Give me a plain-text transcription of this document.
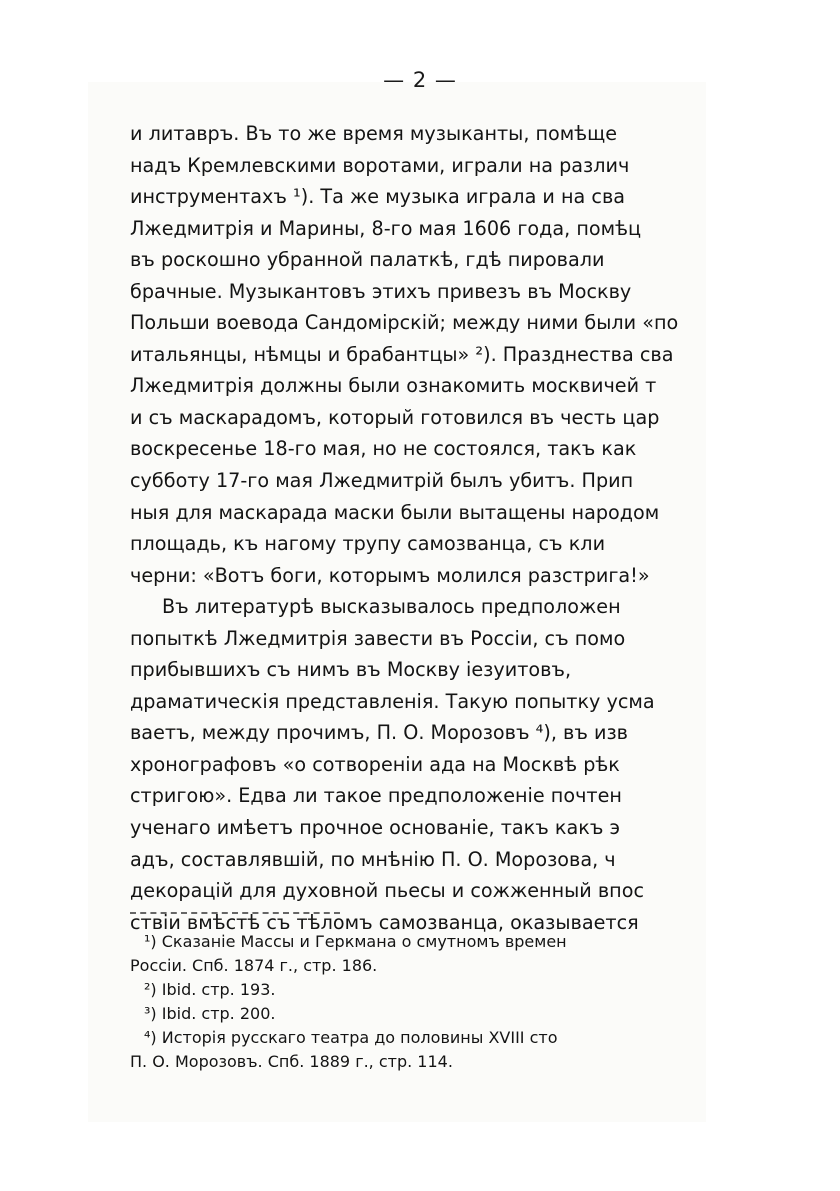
— 2 —
и литавръ. Въ то же время музыканты, помѣще
надъ Кремлевскими воротами, играли на различ
инструментахъ ¹). Та же музыка играла и на сва
Лжедмитрія и Марины, 8-го мая 1606 года, помѣц
въ роскошно убранной палаткѣ, гдѣ пировали
брачные. Музыкантовъ этихъ привезъ въ Москву
Польши воевода Сандомірскій; между ними были «по
итальянцы, нѣмцы и брабантцы» ²). Празднества сва
Лжедмитрія должны были ознакомить москвичей т
и съ маскарадомъ, который готовился въ честь цар
воскресенье 18-го мая, но не состоялся, такъ как
субботу 17-го мая Лжедмитрій былъ убитъ. Прип
ныя для маскарада маски были вытащены народом
площадь, къ нагому трупу самозванца, съ кли
черни: «Вотъ боги, которымъ молился разстрига!»
Въ литературѣ высказывалось предположен
попыткѣ Лжедмитрія завести въ Россіи, съ помо
прибывшихъ съ нимъ въ Москву іезуитовъ,
драматическія представленія. Такую попытку усма
ваетъ, между прочимъ, П. О. Морозовъ ⁴), въ изв
хронографовъ «о сотвореніи ада на Москвѣ рѣк
стригою». Едва ли такое предположеніе почтен
ученаго имѣетъ прочное основаніе, такъ какъ э
адъ, составлявшій, по мнѣнію П. О. Морозова, ч
декорацій для духовной пьесы и сожженный впос
ствіи вмѣстѣ съ тѣломъ самозванца, оказывается
¹) Сказаніе Массы и Геркмана о смутномъ времен
Россіи. Спб. 1874 г., стр. 186.
²) Ibid. стр. 193.
³) Ibid. стр. 200.
⁴) Исторія русскаго театра до половины XVIII сто
П. О. Морозовъ. Спб. 1889 г., стр. 114.
